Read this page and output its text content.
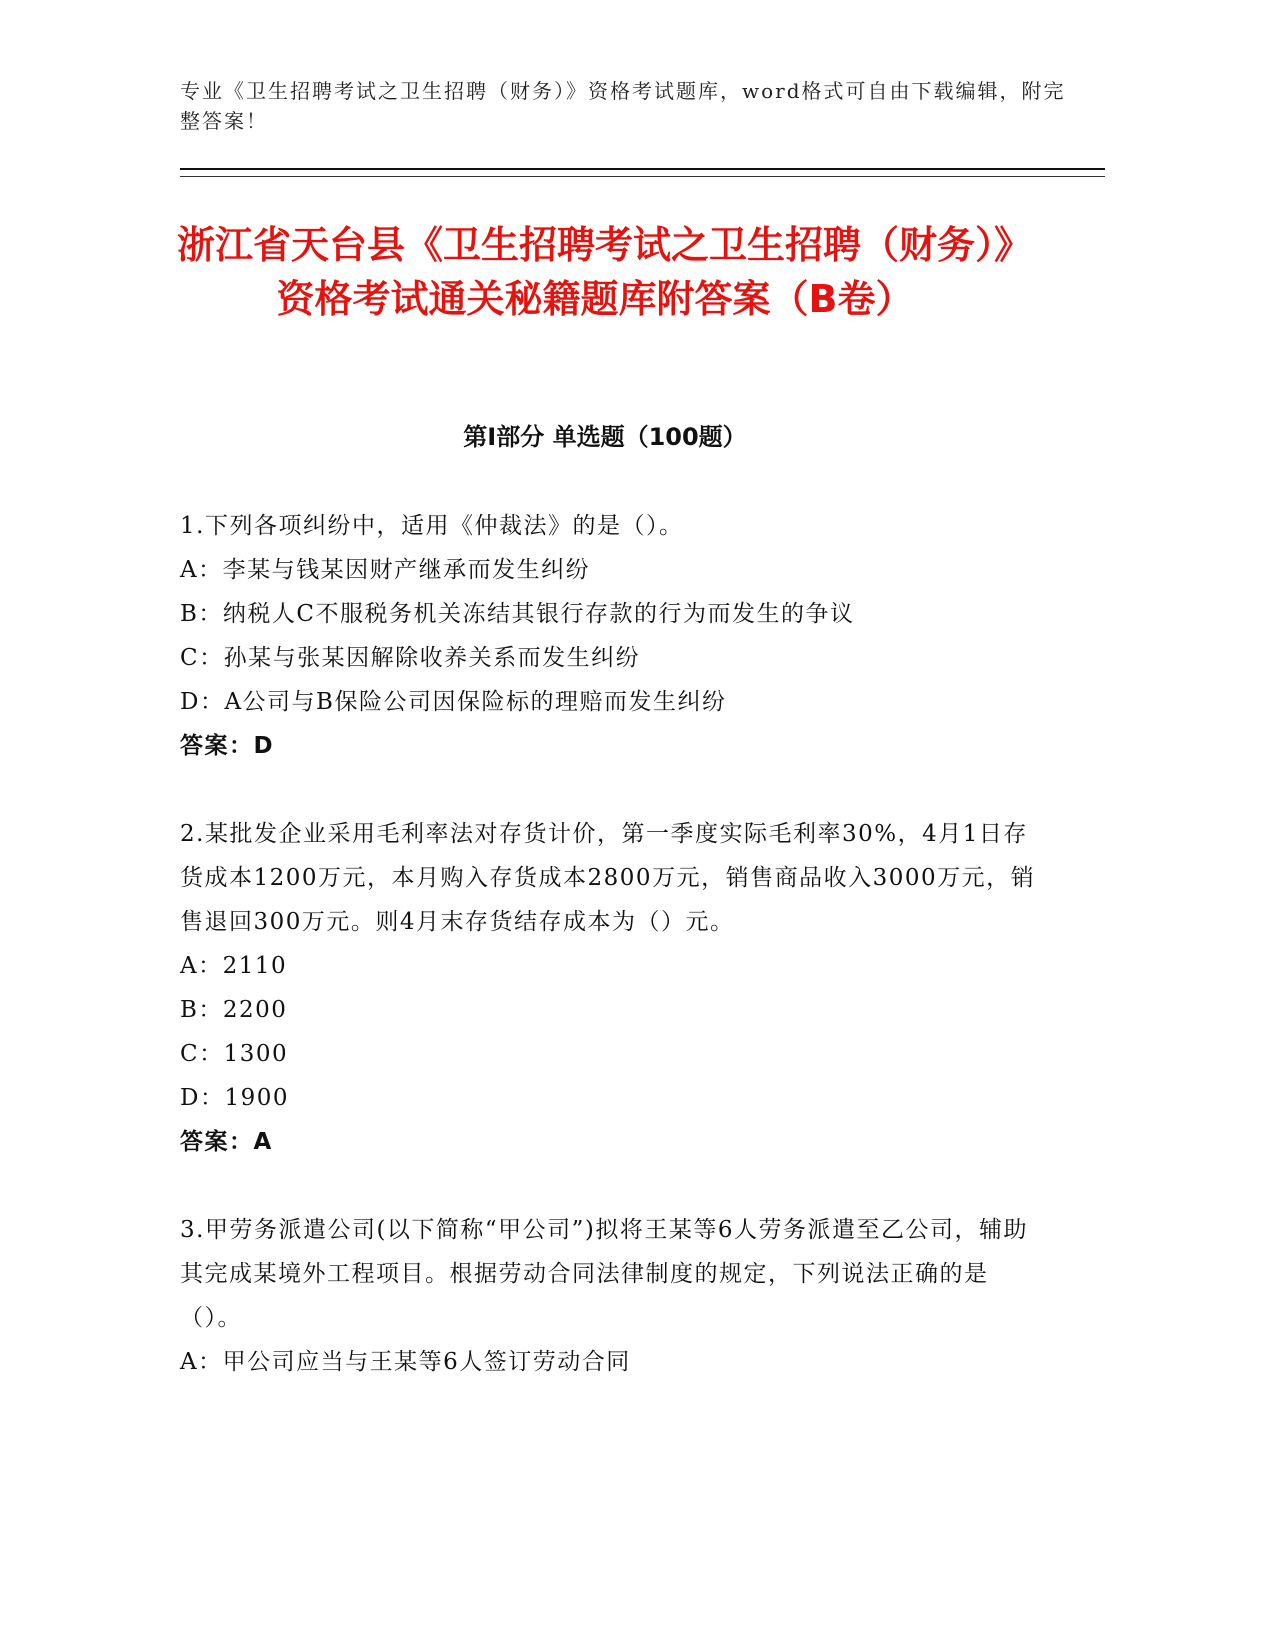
专业《卫生招聘考试之卫生招聘（财务）》资格考试题库，word格式可自由下载编辑，附完整答案！
浙江省天台县《卫生招聘考试之卫生招聘（财务）》资格考试通关秘籍题库附答案（B卷）
第Ⅰ部分 单选题（100题）

1.下列各项纠纷中，适用《仲裁法》的是（）。

A：李某与钱某因财产继承而发生纠纷

B：纳税人C不服税务机关冻结其银行存款的行为而发生的争议

C：孙某与张某因解除收养关系而发生纠纷

D：A公司与B保险公司因保险标的理赔而发生纠纷

答案：D

2.某批发企业采用毛利率法对存货计价，第一季度实际毛利率30%，4月1日存货成本1200万元，本月购入存货成本2800万元，销售商品收入3000万元，销售退回300万元。则4月末存货结存成本为（）元。

A：2110

B：2200

C：1300

D：1900

答案：A

3.甲劳务派遣公司(以下简称“甲公司”)拟将王某等6人劳务派遣至乙公司，辅助其完成某境外工程项目。根据劳动合同法律制度的规定，下列说法正确的是（）。

A：甲公司应当与王某等6人签订劳动合同
